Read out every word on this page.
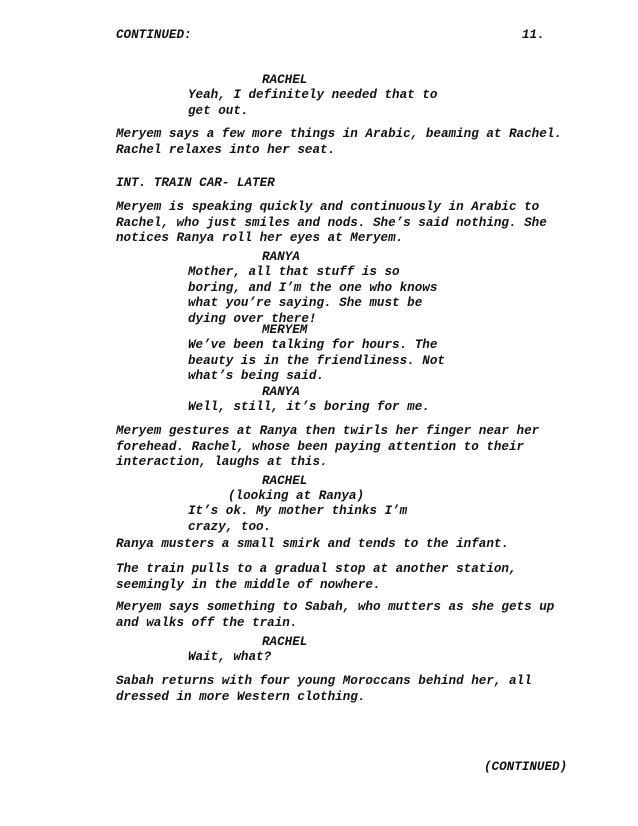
CONTINUED:	11.
RACHEL
Yeah, I definitely needed that to
get out.
Meryem says a few more things in Arabic, beaming at Rachel.
Rachel relaxes into her seat.
INT. TRAIN CAR- LATER
Meryem is speaking quickly and continuously in Arabic to
Rachel, who just smiles and nods. She’s said nothing. She
notices Ranya roll her eyes at Meryem.
RANYA
Mother, all that stuff is so
boring, and I’m the one who knows
what you’re saying. She must be
dying over there!
MERYEM
We’ve been talking for hours. The
beauty is in the friendliness. Not
what’s being said.
RANYA
Well, still, it’s boring for me.
Meryem gestures at Ranya then twirls her finger near her
forehead. Rachel, whose been paying attention to their
interaction, laughs at this.
RACHEL
(looking at Ranya)
It’s ok. My mother thinks I’m
crazy, too.
Ranya musters a small smirk and tends to the infant.
The train pulls to a gradual stop at another station,
seemingly in the middle of nowhere.
Meryem says something to Sabah, who mutters as she gets up
and walks off the train.
RACHEL
Wait, what?
Sabah returns with four young Moroccans behind her, all
dressed in more Western clothing.
(CONTINUED)
